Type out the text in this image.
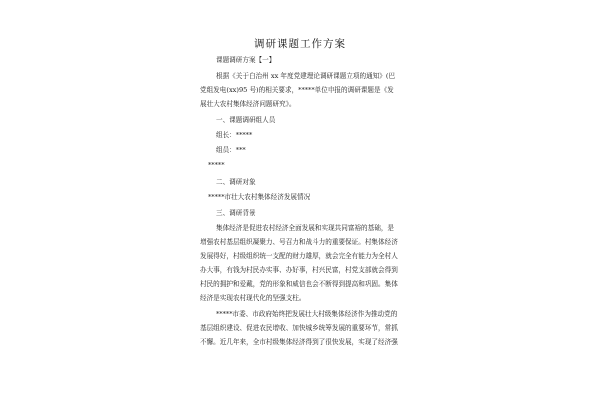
调研课题工作方案
课题调研方案【一】
根据《关于白治州 xx 年度党建理论调研课题立项的通知》(巴
党组发电(xx)95 号)的相关要求，*****单位申报的调研课题是《发
展壮大农村集体经济问题研究》。
一、课题调研组人员
组长：*****
组员：***
*****
二、调研对象
*****市壮大农村集体经济发展情况
三、调研背景
集体经济是促进农村经济全面发展和实现共同富裕的基础，是
增强农村基层组织凝聚力、号召力和战斗力的重要保证。村集体经济
发展得好，村级组织统一支配的财力雄厚，就会完全有能力为全村人
办大事，有钱为村民办实事、办好事，村兴民富，村党支部就会得到
村民的拥护和爱戴，党的形象和威信也会不断得到提高和巩固。集体
经济是实现农村现代化的坚强支柱。
*****市委、市政府始终把发展壮大村级集体经济作为推动党的
基层组织建设、促进农民增收、加快城乡统筹发展的重要环节，常抓
不懈。近几年来，全市村级集体经济得到了很快发展，实现了经济强
